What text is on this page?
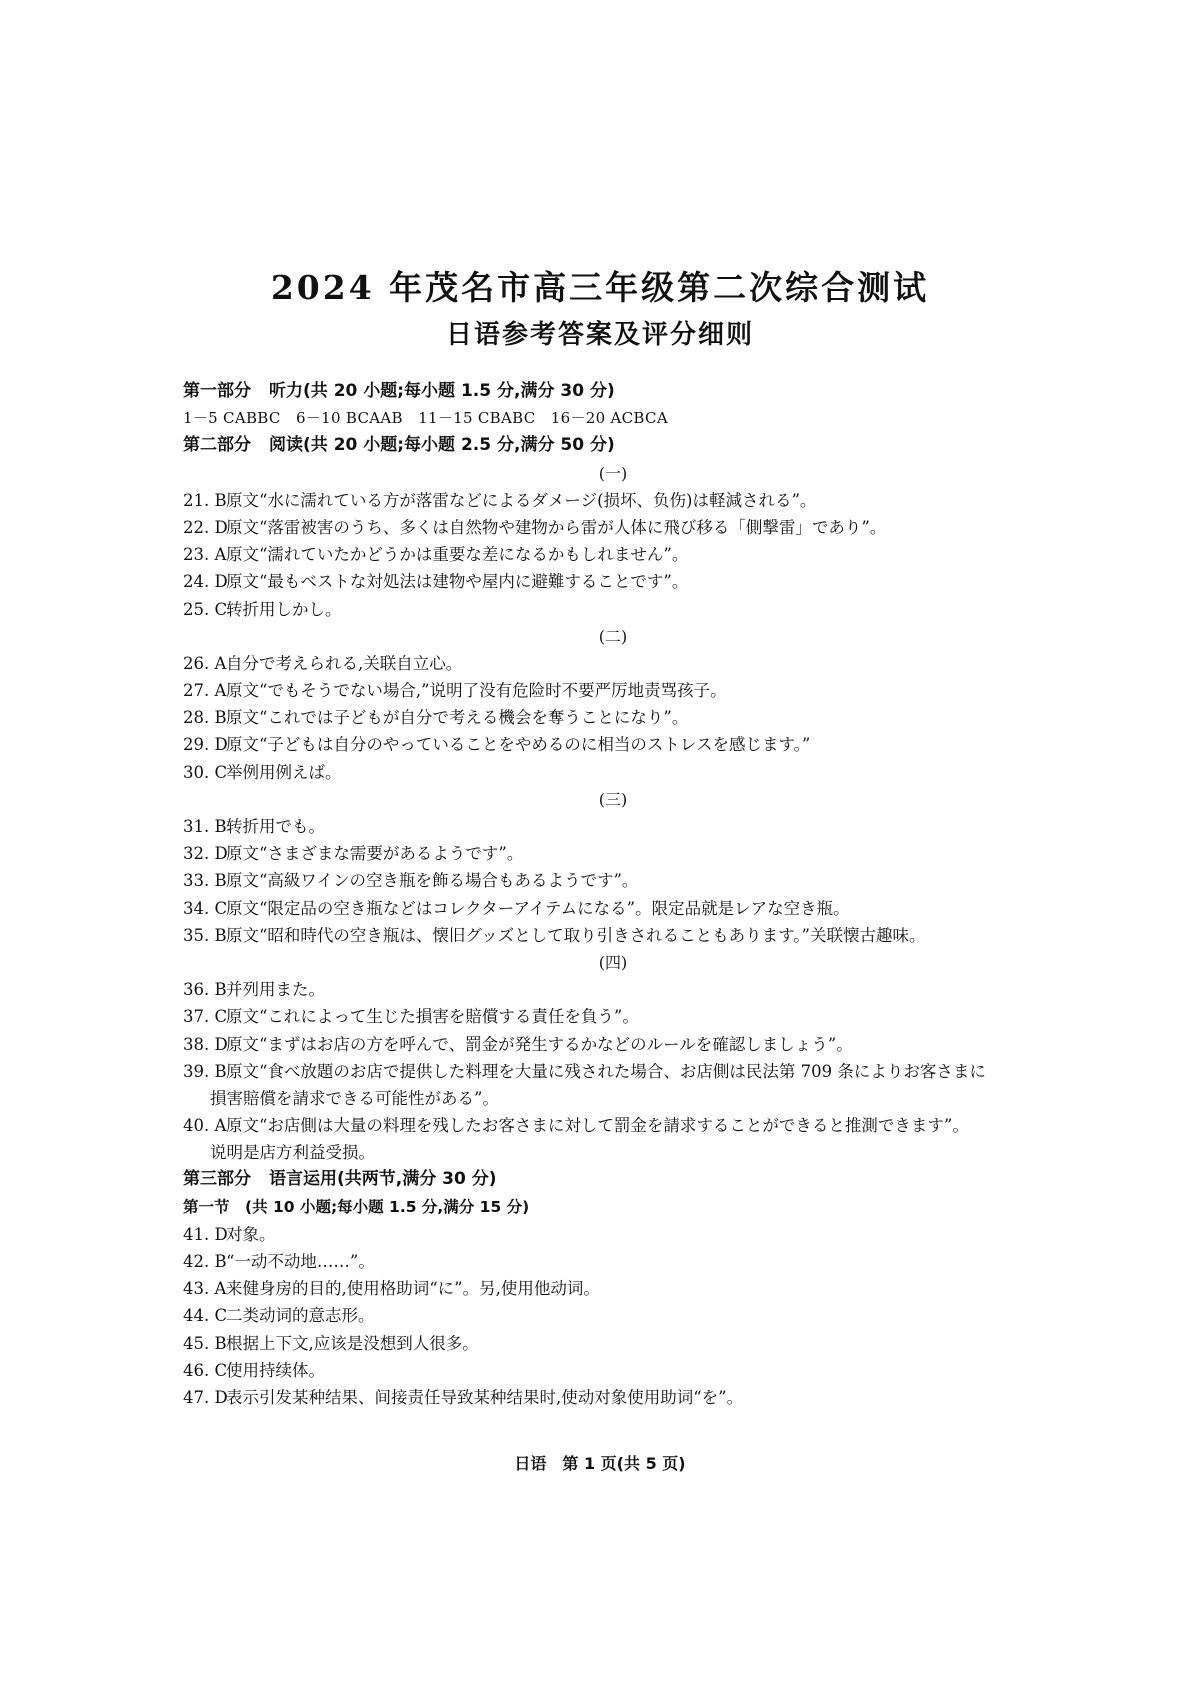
2024 年茂名市高三年级第二次综合测试
日语参考答案及评分细则
第一部分 听力(共 20 小题;每小题 1.5 分,满分 30 分)
1－5 CABBC　6－10 BCAAB　11－15 CBABC　16－20 ACBCA
第二部分 阅读(共 20 小题;每小题 2.5 分,满分 50 分)
(一)
21. B原文“水に濡れている方が落雷などによるダメージ(损坏、负伤)は軽減される”。
22. D原文“落雷被害のうち、多くは自然物や建物から雷が人体に飛び移る「側撃雷」であり”。
23. A原文“濡れていたかどうかは重要な差になるかもしれません”。
24. D原文“最もベストな対処法は建物や屋内に避難することです”。
25. C转折用しかし。
(二)
26. A自分で考えられる,关联自立心。
27. A原文“でもそうでない場合,”说明了没有危险时不要严厉地责骂孩子。
28. B原文“これでは子どもが自分で考える機会を奪うことになり”。
29. D原文“子どもは自分のやっていることをやめるのに相当のストレスを感じます。”
30. C举例用例えば。
(三)
31. B转折用でも。
32. D原文“さまざまな需要があるようです”。
33. B原文“高級ワインの空き瓶を飾る場合もあるようです”。
34. C原文“限定品の空き瓶などはコレクターアイテムになる”。限定品就是レアな空き瓶。
35. B原文“昭和時代の空き瓶は、懐旧グッズとして取り引きされることもあります。”关联懐古趣味。
(四)
36. B并列用また。
37. C原文“これによって生じた損害を賠償する責任を負う”。
38. D原文“まずはお店の方を呼んで、罰金が発生するかなどのルールを確認しましょう”。
39. B原文“食べ放題のお店で提供した料理を大量に残された場合、お店側は民法第 709 条によりお客さまに
損害賠償を請求できる可能性がある”。
40. A原文“お店側は大量の料理を残したお客さまに対して罰金を請求することができると推測できます”。
说明是店方利益受损。
第三部分 语言运用(共两节,满分 30 分)
第一节　(共 10 小题;每小题 1.5 分,满分 15 分)
41. D对象。
42. B“一动不动地……”。
43. A来健身房的目的,使用格助词“に”。另,使用他动词。
44. C二类动词的意志形。
45. B根据上下文,应该是没想到人很多。
46. C使用持续体。
47. D表示引发某种结果、间接责任导致某种结果时,使动对象使用助词“を”。
日语　第 1 页(共 5 页)
